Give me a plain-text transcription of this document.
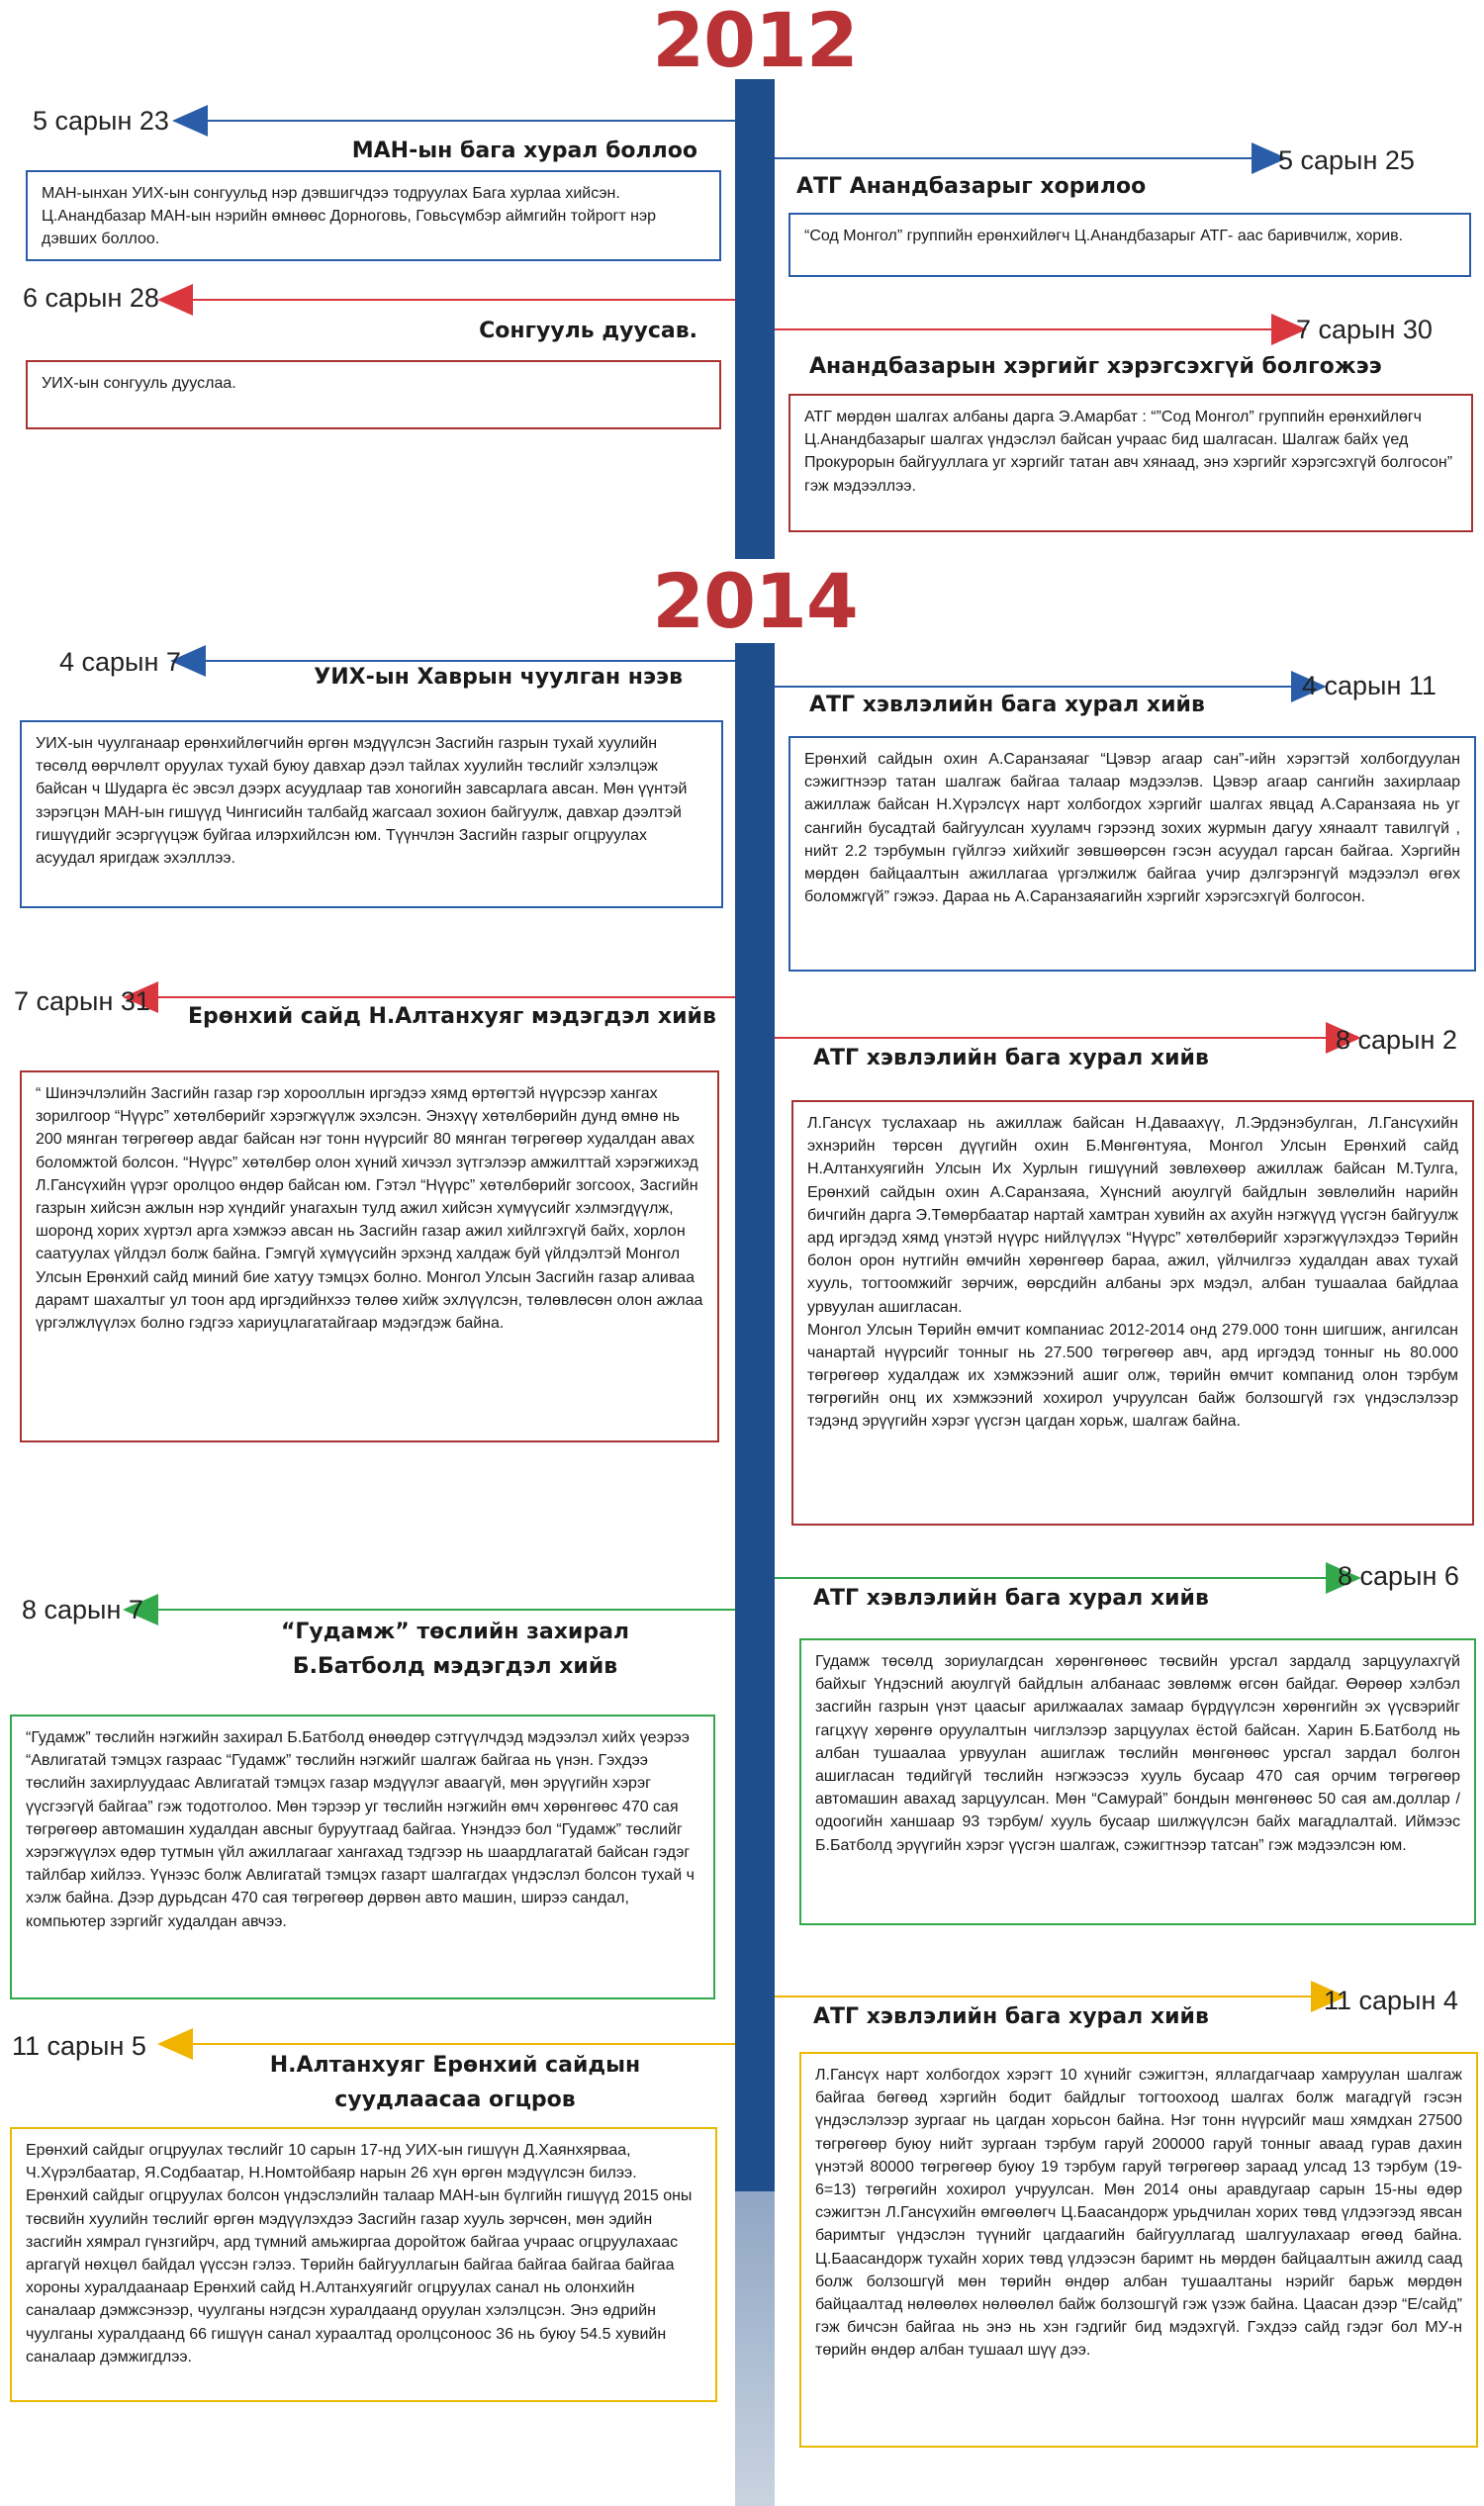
2012
2014
5 сарын 23
МАН-ын бага хурал боллоо
МАН-ынхан УИХ-ын сонгуульд нэр дэвшигчдээ тодруулах Бага хурлаа хийсэн. Ц.Анандбазар МАН-ын нэрийн өмнөөс Дорноговь, Говьсүмбэр аймгийн тойрогт нэр дэвших боллоо.
5 сарын 25
АТГ Анандбазарыг хорилоо
“Сод Монгол” группийн ерөнхийлөгч Ц.Анандбазарыг АТГ- аас баривчилж, хорив.
6 сарын 28
Сонгууль дуусав.
УИХ-ын сонгууль дууслаа.
7 сарын 30
Анандбазарын хэргийг хэрэгсэхгүй болгожээ
АТГ мөрдөн шалгах албаны дарга Э.Амарбат : “”Сод Монгол” группийн ерөнхийлөгч Ц.Анандбазарыг шалгах үндэслэл байсан учраас бид шалгасан. Шалгаж байх үед Прокурорын байгууллага уг хэргийг татан авч хянаад, энэ хэргийг хэрэгсэхгүй болгосон” гэж мэдээллээ.
4 сарын 7
УИХ-ын Хаврын чуулган нээв
УИХ-ын чуулганаар ерөнхийлөгчийн өргөн мэдүүлсэн Засгийн газрын тухай хуулийн төсөлд өөрчлөлт оруулах тухай буюу давхар дээл тайлах хуулийн төслийг хэлэлцэж байсан ч Шударга ёс эвсэл дээрх асуудлаар тав хоногийн завсарлага авсан. Мөн үүнтэй зэрэгцэн МАН-ын гишүүд Чингисийн талбайд жагсаал зохион байгуулж, давхар дээлтэй гишүүдийг эсэргүүцэж буйгаа илэрхийлсэн юм. Түүнчлэн Засгийн газрыг огцруулах асуудал яригдаж эхэлллээ.
4 сарын 11
АТГ хэвлэлийн бага хурал хийв
Ерөнхий сайдын охин А.Саранзаяаг “Цэвэр агаар сан”-ийн хэрэгтэй холбогдуулан сэжигтнээр татан шалгаж байгаа талаар мэдээлэв. Цэвэр агаар сангийн захирлаар ажиллаж байсан Н.Хүрэлсүх нарт холбогдох хэргийг шалгах явцад А.Саранзаяа нь уг сангийн бусадтай байгуулсан хууламч гэрээнд зохих журмын дагуу хянаалт тавилгүй , нийт 2.2 тэрбумын гүйлгээ хийхийг зөвшөөрсөн гэсэн асуудал гарсан байгаа. Хэргийн мөрдөн байцаалтын ажиллагаа үргэлжилж байгаа учир дэлгэрэнгүй мэдээлэл өгөх боломжгүй” гэжээ. Дараа нь А.Саранзаяагийн хэргийг хэрэгсэхгүй болгосон.
7 сарын 31
Ерөнхий сайд Н.Алтанхуяг мэдэгдэл хийв
“ Шинэчлэлийн Засгийн газар гэр хорооллын иргэдээ хямд өртөгтэй нүүрсээр хангах зорилгоор “Нүүрс” хөтөлбөрийг хэрэгжүүлж эхэлсэн. Энэхүү хөтөлбөрийн дунд өмнө нь 200 мянган төгрөгөөр авдаг байсан нэг тонн нүүрсийг 80 мянган төгрөгөөр худалдан авах боломжтой болсон. “Нүүрс” хөтөлбөр олон хүний хичээл зүтгэлээр амжилттай хэрэгжихэд Л.Гансүхийн үүрэг оролцоо өндөр байсан юм. Гэтэл “Нүүрс” хөтөлбөрийг зогсоох, Засгийн газрын хийсэн ажлын нэр хүндийг унагахын тулд ажил хийсэн хүмүүсийг хэлмэгдүүлж, шоронд хорих хүртэл арга хэмжээ авсан нь Засгийн газар ажил хийлгэхгүй байх, хорлон саатуулах үйлдэл болж байна. Гэмгүй хүмүүсийн эрхэнд халдаж буй үйлдэлтэй Монгол Улсын Ерөнхий сайд миний бие хатуу тэмцэх болно. Монгол Улсын Засгийн газар аливаа дарамт шахалтыг ул тоон ард иргэдийнхээ төлөө хийж эхлүүлсэн, төлөвлөсөн олон ажлаа үргэлжлүүлэх болно гэдгээ хариуцлагатайгаар мэдэгдэж байна.
8 сарын 2
АТГ хэвлэлийн бага хурал хийв
Л.Гансүх туслахаар нь ажиллаж байсан Н.Даваахүү, Л.Эрдэнэбулган, Л.Гансүхийн эхнэрийн төрсөн дүүгийн охин Б.Мөнгөнтуяа, Монгол Улсын Ерөнхий сайд Н.Алтанхуягийн Улсын Их Хурлын гишүүний зөвлөхөөр ажиллаж байсан М.Тулга, Ерөнхий сайдын охин А.Саранзаяа, Хүнсний аюулгүй байдлын зөвлөлийн нарийн бичгийн дарга Э.Төмөрбаатар нартай хамтран хувийн ах ахуйн нэгжүүд үүсгэн байгуулж ард иргэдэд хямд үнэтэй нүүрс нийлүүлэх “Нүүрс” хөтөлбөрийг хэрэгжүүлэхдээ Төрийн болон орон нутгийн өмчийн хөрөнгөөр бараа, ажил, үйлчилгээ худалдан авах тухай хууль, тогтоомжийг зөрчиж, өөрсдийн албаны эрх мэдэл, албан тушаалаа байдлаа урвуулан ашигласан.
Монгол Улсын Төрийн өмчит компаниас 2012-2014 онд 279.000 тонн шигшиж, ангилсан чанартай нүүрсийг тонныг нь 27.500 төгрөгөөр авч, ард иргэдэд тонныг нь 80.000 төгрөгөөр худалдаж их хэмжээний ашиг олж, төрийн өмчит компанид олон тэрбум төгрөгийн онц их хэмжээний хохирол учруулсан байж болзошгүй гэх үндэслэлээр тэдэнд эрүүгийн хэрэг үүсгэн цагдан хорьж, шалгаж байна.
8 сарын 7
“Гудамж” төслийн захирал Б.Батболд мэдэгдэл хийв
“Гудамж” төслийн нэгжийн захирал Б.Батболд өнөөдөр сэтгүүлчдэд мэдээлэл хийх үеэрээ “Авлигатай тэмцэх газраас “Гудамж” төслийн нэгжийг шалгаж байгаа нь үнэн. Гэхдээ төслийн захирлуудаас Авлигатай тэмцэх газар мэдүүлэг аваагүй, мөн эрүүгийн хэрэг үүсгээгүй байгаа” гэж тодотголоо. Мөн тэрээр уг төслийн нэгжийн өмч хөрөнгөөс 470 сая төгрөгөөр автомашин худалдан авсныг буруутгаад байгаа. Үнэндээ бол “Гудамж” төслийг хэрэгжүүлэх өдөр тутмын үйл ажиллагааг хангахад тэдгээр нь шаардлагатай байсан гэдэг тайлбар хийлээ. Үүнээс болж Авлигатай тэмцэх газарт шалгагдах үндэслэл болсон тухай ч хэлж байна. Дээр дурьдсан 470 сая төгрөгөөр дөрвөн авто машин, ширээ сандал, компьютер зэргийг худалдан авчээ.
8 сарын 6
АТГ хэвлэлийн бага хурал хийв
Гудамж төсөлд зориулагдсан хөрөнгөнөөс төсвийн урсгал зардалд зарцуулахгүй байхыг Үндэсний аюулгүй байдлын албанаас зөвлөмж өгсөн байдаг. Өөрөөр хэлбэл засгийн газрын үнэт цаасыг арилжаалах замаар бүрдүүлсэн хөрөнгийн эх үүсвэрийг гагцхүү хөрөнгө оруулалтын чиглэлээр зарцуулах ёстой байсан. Харин Б.Батболд нь албан тушаалаа урвуулан ашиглаж төслийн мөнгөнөөс урсгал зардал болгон ашигласан төдийгүй төслийн нэгжээсээ хууль бусаар 470 сая орчим төгрөгөөр автомашин аваxад зарцуулсан. Мөн “Самурай” бондын мөнгөнөөс 50 сая ам.доллар /одоогийн ханшаар 93 тэрбум/ хууль бусаар шилжүүлсэн байх магадлалтай. Иймээс Б.Батболд эрүүгийн хэрэг үүсгэн шалгаж, сэжигтнээр татсан” гэж мэдээлсэн юм.
11 сарын 5
Н.Алтанхуяг Ерөнхий сайдын суудлаасаа огцров
Ерөнхий сайдыг огцруулах төслийг 10 сарын 17-нд УИХ-ын гишүүн Д.Хаянхярваа, Ч.Хүрэлбаатар, Я.Содбаатар, Н.Номтойбаяр нарын 26 хүн өргөн мэдүүлсэн билээ. Ерөнхий сайдыг огцруулах болсон үндэслэлийн талаар МАН-ын бүлгийн гишүүд 2015 оны төсвийн хуулийн төслийг өргөн мэдүүлэхдээ Засгийн газар хууль зөрчсөн, мөн эдийн засгийн хямрал гүнзгийрч, ард түмний амьжиргаа доройтож байгаа учраас огцруулахаас аргагүй нөхцөл байдал үүссэн гэлээ. Төрийн байгууллагын байгаа байгаа байгаа байгаа хороны хуралдаанаар Ерөнхий сайд Н.Алтанхуягийг огцруулах санал нь олонхийн саналаар дэмжсэнээр, чуулганы нэгдсэн хуралдаанд оруулан хэлэлцсэн. Энэ өдрийн чуулганы хуралдаанд 66 гишүүн санал хураалтад оролцсоноос 36 нь буюу 54.5 хувийн саналаар дэмжигдлээ.
11 сарын 4
АТГ хэвлэлийн бага хурал хийв
Л.Гансүх нарт холбогдох хэрэгт 10 хүнийг сэжигтэн, яллагдагчаар хамруулан шалгаж байгаа бөгөөд хэргийн бодит байдлыг тогтоохоод шалгах болж магадгүй гэсэн үндэслэлээр зургааг нь цагдан хорьсон байна. Нэг тонн нүүрсийг маш хямдхан 27500 төгрөгөөр буюу нийт зургаан тэрбум гаруй 200000 гаруй тонныг аваад гурав дахин үнэтэй 80000 төгрөгөөр буюу 19 тэрбум гаруй төгрөгөөр зараад улсад 13 тэрбум (19-6=13) төгрөгийн хохирол учруулсан. Мөн 2014 оны аравдугаар сарын 15-ны өдөр сэжигтэн Л.Гансүхийн өмгөөлөгч Ц.Баасандорж урьдчилан хорих төвд үлдээгээд явсан баримтыг үндэслэн түүнийг цагдаагийн байгууллагад шалгуулахаар өгөөд байна. Ц.Баасандорж тухайн хорих төвд үлдээсэн баримт нь мөрдөн байцаалтын ажилд саад болж болзошгүй мөн төрийн өндөр албан тушаалтаны нэрийг барьж мөрдөн байцаалтад нөлөөлөх нөлөөлөл байж болзошгүй гэж үзэж байна. Цаасан дээр “Е/сайд” гэж бичсэн байгаа нь энэ нь хэн гэдгийг бид мэдэхгүй. Гэхдээ сайд гэдэг бол МУ-н төрийн өндөр албан тушаал шүү дээ.
